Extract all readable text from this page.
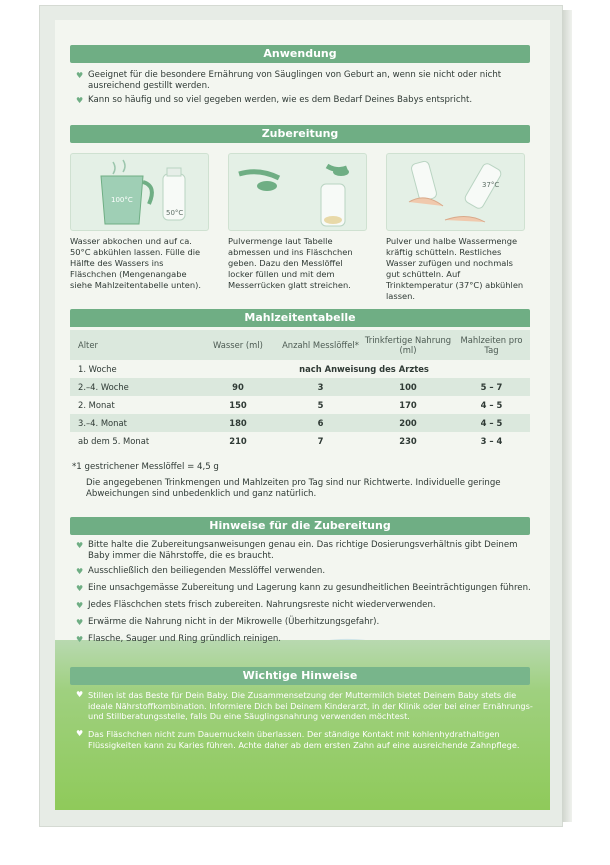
Anwendung
♥ Geeignet für die besondere Ernährung von Säuglingen von Geburt an, wenn sie nicht oder nicht ausreichend gestillt werden.
♥ Kann so häufig und so viel gegeben werden, wie es dem Bedarf Deines Babys entspricht.
Zubereitung
100°C
50°C
37°C
Wasser abkochen und auf ca. 50°C abkühlen lassen. Fülle die Hälfte des Wassers ins Fläschchen (Mengenangabe siehe Mahlzeitentabelle unten).
Pulvermenge laut Tabelle abmessen und ins Fläschchen geben. Dazu den Messlöffel locker füllen und mit dem Messerrücken glatt streichen.
Pulver und halbe Wassermenge kräftig schütteln. Restliches Wasser zufügen und nochmals gut schütteln. Auf Trinktemperatur (37°C) abkühlen lassen.
Mahlzeitentabelle
Alter	Wasser (ml)	Anzahl Messlöffel*	Trinkfertige Nahrung (ml)	Mahlzeiten pro Tag
1. Woche	nach Anweisung des Arztes			
2.–4. Woche	90	3	100	5 – 7
2. Monat	150	5	170	4 – 5
3.–4. Monat	180	6	200	4 – 5
ab dem 5. Monat	210	7	230	3 – 4
*1 gestrichener Messlöffel = 4,5 g
Die angegebenen Trinkmengen und Mahlzeiten pro Tag sind nur Richtwerte. Individuelle geringe Abweichungen sind unbedenklich und ganz natürlich.
Hinweise für die Zubereitung
♥ Bitte halte die Zubereitungsanweisungen genau ein. Das richtige Dosierungsverhältnis gibt Deinem Baby immer die Nährstoffe, die es braucht.
♥ Ausschließlich den beiliegenden Messlöffel verwenden.
♥ Eine unsachgemässe Zubereitung und Lagerung kann zu gesundheitlichen Beeinträchtigungen führen.
♥ Jedes Fläschchen stets frisch zubereiten. Nahrungsreste nicht wiederverwenden.
♥ Erwärme die Nahrung nicht in der Mikrowelle (Überhitzungsgefahr).
♥ Flasche, Sauger und Ring gründlich reinigen.
Wichtige Hinweise
♥ Stillen ist das Beste für Dein Baby. Die Zusammensetzung der Muttermilch bietet Deinem Baby stets die ideale Nährstoffkombination. Informiere Dich bei Deinem Kinderarzt, in der Klinik oder bei einer Ernährungs- und Stillberatungsstelle, falls Du eine Säuglingsnahrung verwenden möchtest.
♥ Das Fläschchen nicht zum Dauernuckeln überlassen. Der ständige Kontakt mit kohlenhydrathaltigen Flüssigkeiten kann zu Karies führen. Achte daher ab dem ersten Zahn auf eine ausreichende Zahnpflege.
